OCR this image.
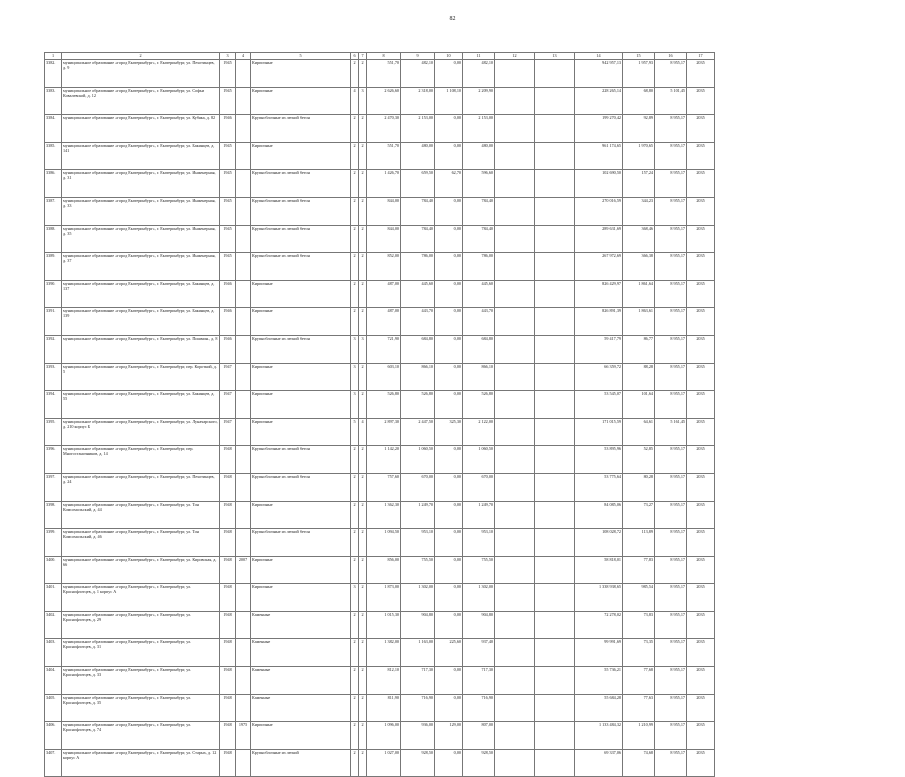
82
1	2	3	4	5	6	7	8	9	10	11	12	13	14	15	16	17
3382.	муниципальное образование «город Екатеринбург», г. Екатеринбург, ул. Пехотинцев, д. 9	1945		Кирпичные	2	2	551,70	482,10	0,00	482,10			942 957,13	1 957,93	8 955,17	2035
3383.	муниципальное образование «город Екатеринбург», г. Екатеринбург, ул. Софьи Ковалевской, д. 12	1945		Кирпичные	4	3	2 626,60	2 318,00	1 108,10	2 209,90			228 265,14	68,80	5 101,45	2035
3384.	муниципальное образование «город Екатеринбург», г. Екатеринбург, ул. Кубяка, д. 82	1946		Крупноблочные из легкий бетон	2	2	2 470,30	2 153,00	0,00	2 153,00			199 270,42	92,89	8 955,17	2035
3385.	муниципальное образование «город Екатеринбург», г. Екатеринбург, ул. Бакинцев, д. 141	1945		Кирпичные	2	2	551,70	480,00	0,00	480,00			961 174,65	1 970,65	8 955,17	2035
3386.	муниципальное образование «город Екатеринбург», г. Екатеринбург, ул. Инженерная, д. 31	1945		Крупноблочные из легкий бетон	2	2	1 426,70	659,50	62,70	596,60			102 690,50	157,24	8 955,17	2035
3387.	муниципальное образование «город Екатеринбург», г. Екатеринбург, ул. Инженерная, д. 33	1945		Крупноблочные из легкий бетон	2	2	844,00	784,40	0,00	784,40			270 016,59	344,23	8 955,17	2035
3388.	муниципальное образование «город Екатеринбург», г. Екатеринбург, ул. Инженерная, д. 35	1945		Крупноблочные из легкий бетон	2	2	844,00	784,40	0,00	784,40			289 631,69	368,46	8 955,17	2035
3389.	муниципальное образование «город Екатеринбург», г. Екатеринбург, ул. Инженерная, д. 37	1945		Крупноблочные из легкий бетон	2	2	852,00	786,00	0,00	786,00			267 972,69	366,38	8 955,17	2035
3390.	муниципальное образование «город Екатеринбург», г. Екатеринбург, ул. Бакинцев, д. 137	1946		Кирпичные	2	2	487,00	445,60	0,00	445,60			826 429,97	1 861,64	8 955,17	2035
3391.	муниципальное образование «город Екатеринбург», г. Екатеринбург, ул. Бакинцев, д. 139	1946		Кирпичные	2	2	487,00	443,70	0,00	443,70			826 891,39	1 863,61	8 955,17	2035
3392.	муниципальное образование «город Екатеринбург», г. Екатеринбург, ул. Пишмин., д. 8	1946		Крупноблочные из легкий бетон	3	3	721,90	684,80	0,00	684,80			59 417,79	86,77	8 955,17	2035
3393.	муниципальное образование «город Екатеринбург», г. Екатеринбург, пер. Короткий, д. 5	1947		Кирпичные	3	2	603,10	866,10	0,00	866,10			66 359,72	88,28	8 955,17	2035
3394.	муниципальное образование «город Екатеринбург», г. Екатеринбург, ул. Бакинцев, д. 55	1947		Кирпичные	3	2	526,80	526,80	0,00	526,80			53 545,07	101,64	8 955,17	2035
3395.	муниципальное образование «город Екатеринбург», г. Екатеринбург, ул. Луначарского, д. 210 корпус Б	1947		Кирпичные	5	4	2 897,30	2 447,50	325,30	2 122,00			171 015,59	64,61	5 161,45	2035
3396.	муниципальное образование «город Екатеринбург», г. Екатеринбург, пер. Многостаночников, д. 14	1948		Крупноблочные из легкий бетон	2	2	1 142,20	1 060,50	0,00	1 060,50			53 895,96	52,85	8 955,17	2035
3397.	муниципальное образование «город Екатеринбург», г. Екатеринбург, ул. Пехотинцев, д. 24	1948		Крупноблочные из легкий бетон	2	2	757,60	670,00	0,00	670,00			53 775,64	80,28	8 955,17	2035
3398.	муниципальное образование «город Екатеринбург», г. Екатеринбург, ул. Тон Комсомольский, д. 44	1948		Кирпичные	2	2	1 362,30	1 249,70	0,00	1 249,70			84 085,06	73,27	8 955,17	2035
3399.	муниципальное образование «город Екатеринбург», г. Екатеринбург, ул. Тон Комсомольский, д. 46	1948		Крупноблочные из легкий бетон	2	2	1 094,50	953,10	0,00	953,10			108 028,72	113,89	8 955,17	2035
3400.	муниципальное образование «город Екатеринбург», г. Екатеринбург, ул. Кировская, д. 66	1948	2007	Кирпичные	2	2	856,00	755,50	0,00	755,50			58 818,01	77,83	8 955,17	2035
3401.	муниципальное образование «город Екатеринбург», г. Екатеринбург, ул. Краснофлотцев, д. 1 корпус А	1948		Кирпичные	3	2	1 873,00	1 302,00	0,00	1 302,00			1 338 938,65	985,54	8 955,17	2035
3402.	муниципальное образование «город Екатеринбург», г. Екатеринбург, ул. Краснофлотцев, д. 29	1948		Каменные	2	2	1 015,30	904,80	0,00	904,80			72 278,02	73,83	8 955,17	2035
3403.	муниципальное образование «город Екатеринбург», г. Екатеринбург, ул. Краснофлотцев, д. 31	1948		Каменные	2	2	1 382,00	1 163,00	225,60	937,40			99 991,69	73,35	8 955,17	2035
3404.	муниципальное образование «город Екатеринбург», г. Екатеринбург, ул. Краснофлотцев, д. 33	1948		Каменные	2	2	812,10	717,30	0,00	717,30			55 736,21	77,68	8 955,17	2035
3405.	муниципальное образование «город Екатеринбург», г. Екатеринбург, ул. Краснофлотцев, д. 35	1948		Каменные	2	2	811,90	716,90	0,00	716,90			55 684,28	77,63	8 955,17	2035
3406.	муниципальное образование «город Екатеринбург», г. Екатеринбург, ул. Краснофлотцев, д. 74	1948	1975	Кирпичные	2	2	1 096,00	936,00	129,00	807,00			1 133 484,32	1 210,99	8 955,17	2035
3407.	муниципальное образование «город Екатеринбург», г. Екатеринбург, ул. Старых, д. 12 корпус А	1948		Крупноблочные из легкий	2	2	1 027,00	928,50	0,00	928,50			69 337,06	74,68	8 955,17	2035
